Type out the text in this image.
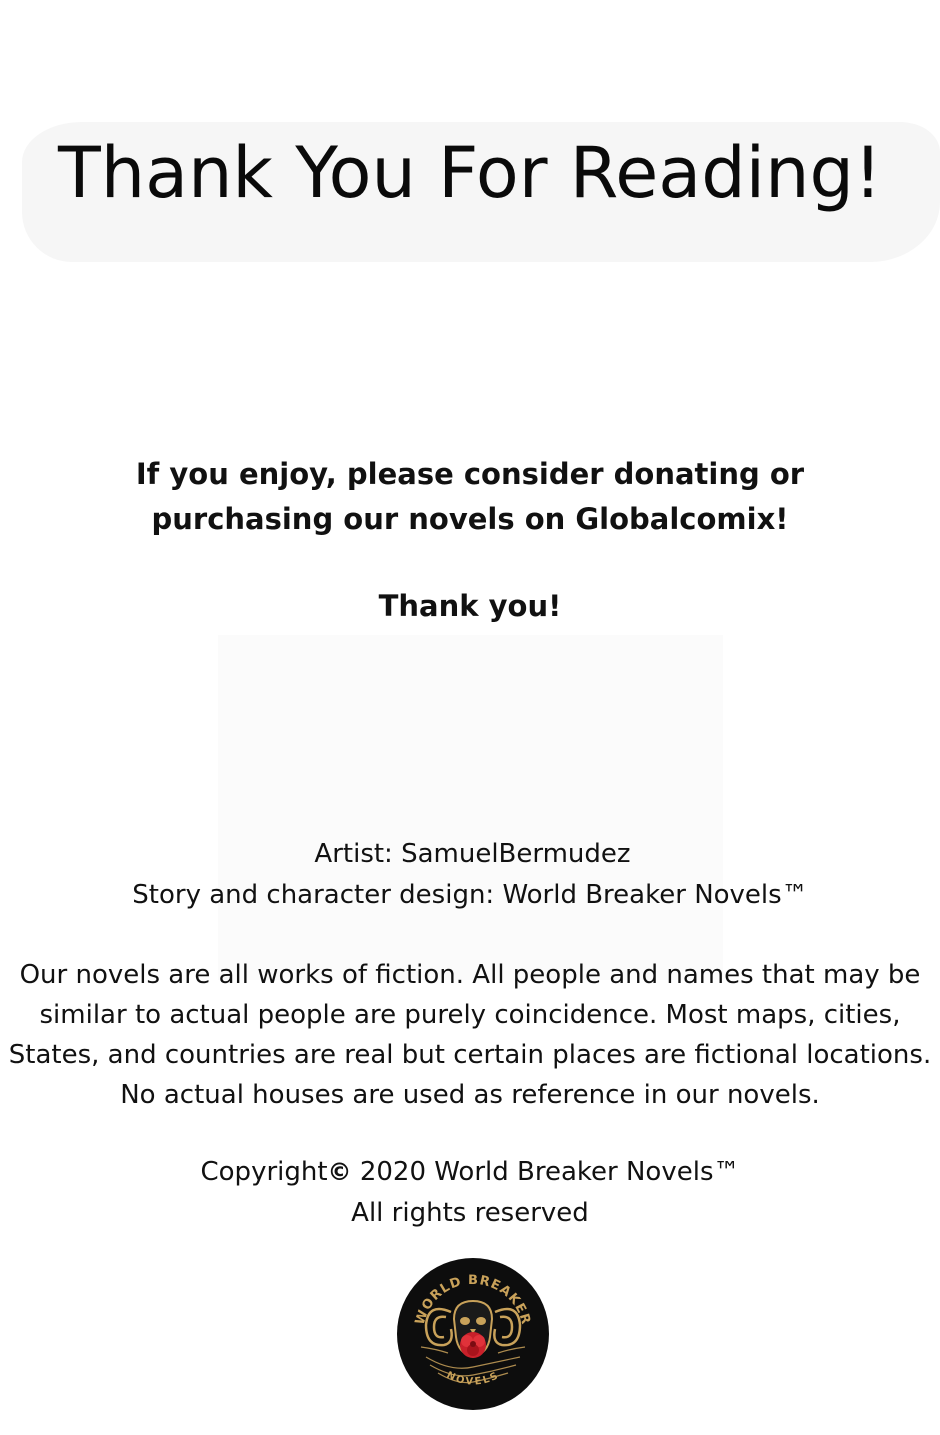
Thank You For Reading!
If you enjoy, please consider donating or
purchasing our novels on Globalcomix!
Thank you!
Artist: SamuelBermudez
Story and character design: World Breaker Novels™
Our novels are all works of fiction. All people and names that may be
similar to actual people are purely coincidence. Most maps, cities,
States, and countries are real but certain places are fictional locations.
No actual houses are used as reference in our novels.
Copyright© 2020 World Breaker Novels™
All rights reserved
WORLD BREAKER
NOVELS
